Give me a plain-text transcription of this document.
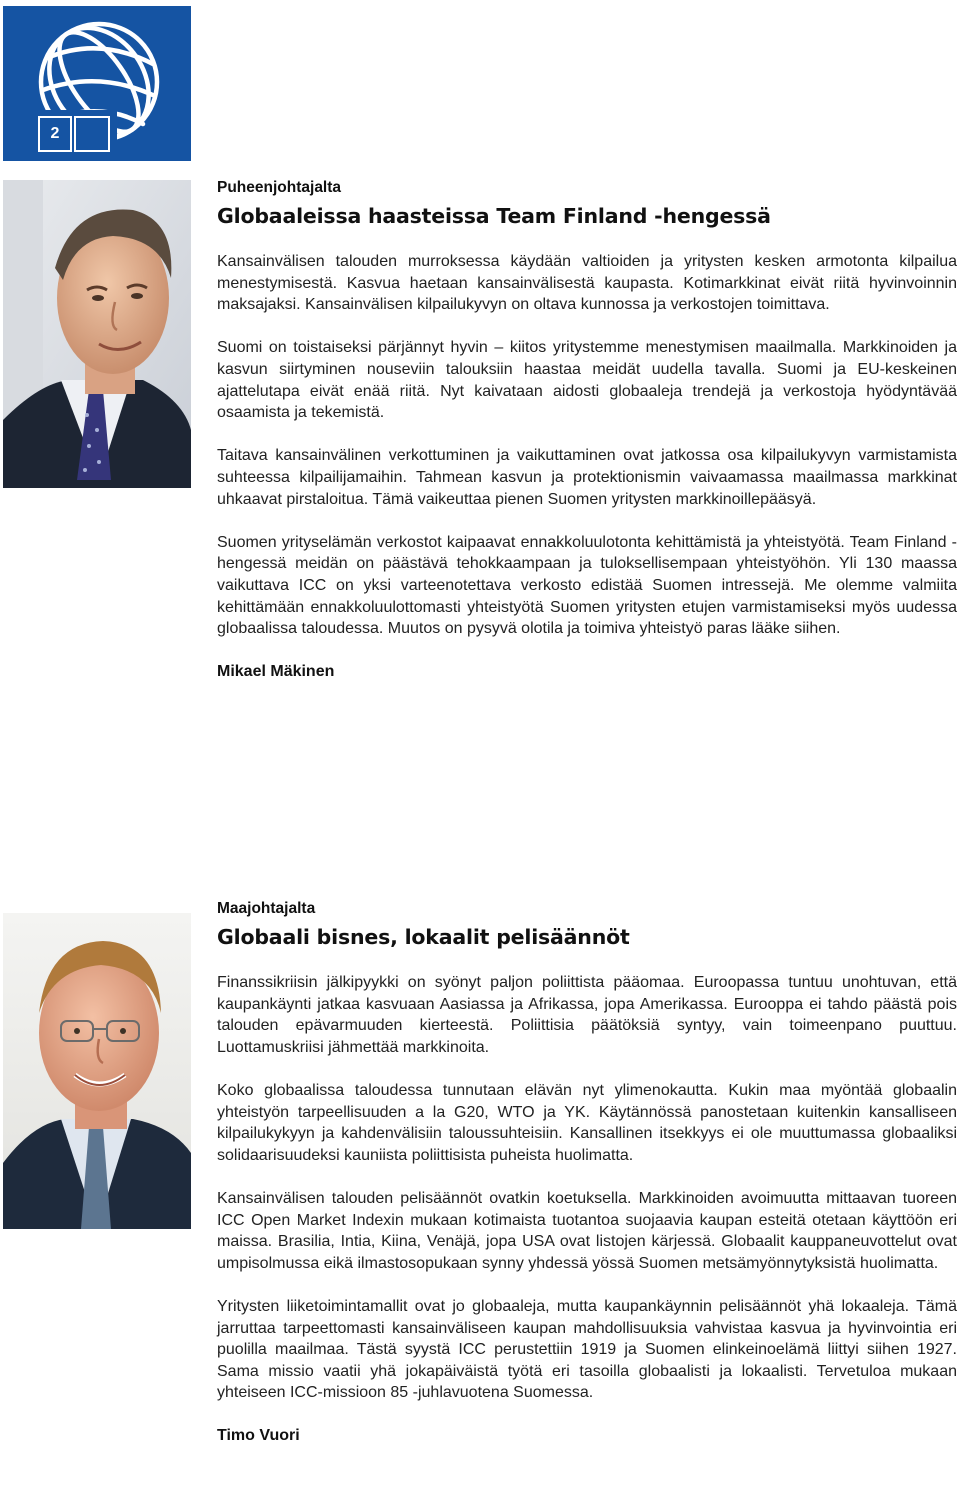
2

Puheenjohtajalta

Globaaleissa haasteissa Team Finland -hengessä

Kansainvälisen talouden murroksessa käydään valtioiden ja yritysten kesken armotonta kilpailua menestymisestä. Kasvua haetaan kansainvälisestä kaupasta. Kotimarkkinat eivät riitä hyvinvoinnin maksajaksi. Kansainvälisen kilpailukyvyn on oltava kunnossa ja verkostojen toimittava.

Suomi on toistaiseksi pärjännyt hyvin – kiitos yritystemme menestymisen maailmalla. Markkinoiden ja kasvun siirtyminen nouseviin talouksiin haastaa meidät uudella tavalla. Suomi ja EU-keskeinen ajattelutapa eivät enää riitä. Nyt kaivataan aidosti globaaleja trendejä ja verkostoja hyödyntävää osaamista ja tekemistä.

Taitava kansainvälinen verkottuminen ja vaikuttaminen ovat jatkossa osa kilpailukyvyn varmistamista suhteessa kilpailijamaihin. Tahmean kasvun ja protektionismin vaivaamassa maailmassa markkinat uhkaavat pirstaloitua. Tämä vaikeuttaa pienen Suomen yritysten markkinoillepääsyä.

Suomen yrityselämän verkostot kaipaavat ennakkoluulotonta kehittämistä ja yhteistyötä. Team Finland -hengessä meidän on päästävä tehokkaampaan ja tuloksellisempaan yhteistyöhön. Yli 130 maassa vaikuttava ICC on yksi varteenotettava verkosto edistää Suomen intressejä. Me olemme valmiita kehittämään ennakkoluulottomasti yhteistyötä Suomen yritysten etujen varmistamiseksi myös uudessa globaalissa taloudessa. Muutos on pysyvä olotila ja toimiva yhteistyö paras lääke siihen.

Mikael Mäkinen

Maajohtajalta

Globaali bisnes, lokaalit pelisäännöt

Finanssikriisin jälkipyykki on syönyt paljon poliittista pääomaa. Euroopassa tuntuu unohtuvan, että kaupankäynti jatkaa kasvuaan Aasiassa ja Afrikassa, jopa Amerikassa. Eurooppa ei tahdo päästä pois talouden epävarmuuden kierteestä. Poliittisia päätöksiä syntyy, vain toimeenpano puuttuu. Luottamuskriisi jähmettää markkinoita.

Koko globaalissa taloudessa tunnutaan elävän nyt ylimenokautta. Kukin maa myöntää globaalin yhteistyön tarpeellisuuden a la G20, WTO ja YK. Käytännössä panostetaan kuitenkin kansalliseen kilpailukykyyn ja kahdenvälisiin taloussuhteisiin. Kansallinen itsekkyys ei ole muuttumassa globaaliksi solidaarisuudeksi kauniista poliittisista puheista huolimatta.

Kansainvälisen talouden pelisäännöt ovatkin koetuksella. Markkinoiden avoimuutta mittaavan tuoreen ICC Open Market Indexin mukaan kotimaista tuotantoa suojaavia kaupan esteitä otetaan käyttöön eri maissa. Brasilia, Intia, Kiina, Venäjä, jopa USA ovat listojen kärjessä. Globaalit kauppaneuvottelut ovat umpisolmussa eikä ilmastosopukaan synny yhdessä yössä Suomen metsämyönnytyksistä huolimatta.

Yritysten liiketoimintamallit ovat jo globaaleja, mutta kaupankäynnin pelisäännöt yhä lokaaleja. Tämä jarruttaa tarpeettomasti kansainväliseen kaupan mahdollisuuksia vahvistaa kasvua ja hyvinvointia eri puolilla maailmaa. Tästä syystä ICC perustettiin 1919 ja Suomen elinkeinoelämä liittyi siihen 1927. Sama missio vaatii yhä jokapäiväistä työtä eri tasoilla globaalisti ja lokaalisti. Tervetuloa mukaan yhteiseen ICC-missioon 85 -juhlavuotena Suomessa.

Timo Vuori
